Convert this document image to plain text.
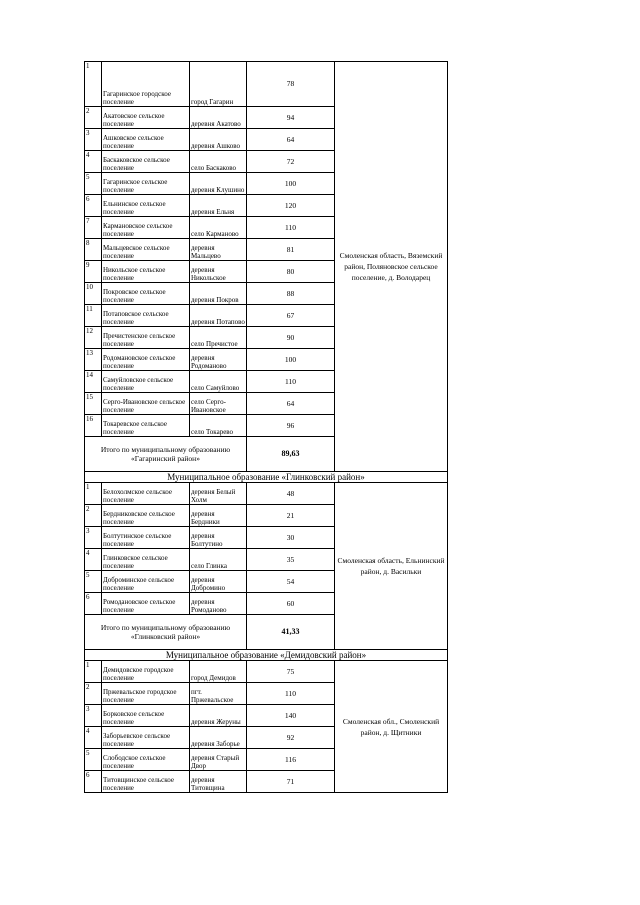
1	Гагаринское городское поселение	город Гагарин	78	Смоленская область, Вяземский район, Поляновское сельское поселение, д. Володарец
2	Акатовское сельское поселение	деревня Акатово	94	
3	Ашковское сельское поселение	деревня Ашково	64	
4	Баскаковское сельское поселение	село Баскаково	72	
5	Гагаринское сельское поселение	деревня Клушино	100	
6	Ельнинское сельское поселение	деревня Ельня	120	
7	Кармановское сельское поселение	село Карманово	110	
8	Мальцевское сельское поселение	деревня Мальцево	81	
9	Никольское сельское поселение	деревня Никольское	80	
10	Покровское сельское поселение	деревня Покров	88	
11	Потаповское сельское поселение	деревня Потапово	67	
12	Пречистенское сельское поселение	село Пречистое	90	
13	Родомановское сельское поселение	деревня Родоманово	100	
14	Самуйловское сельское поселение	село Самуйлово	110	
15	Серго-Ивановское сельское поселение	село Серго-Ивановское	64	
16	Токаревское сельское поселение	село Токарево	96	
Итого по муниципальному образованию «Гагаринский район»			89,63	
Муниципальное образование «Глинковский район»				
1	Белохолмское сельское поселение	деревня Белый Холм	48	Смоленская область, Ельнинский район, д. Васильки
2	Бердниковское сельское поселение	деревня Бердники	21	
3	Болтутинское сельское поселение	деревня Болтутино	30	
4	Глинковское сельское поселение	село Глинка	35	
5	Доброминское сельское поселение	деревня Добромино	54	
6	Ромодановское сельское поселение	деревня Ромоданово	60	
Итого по муниципальному образованию «Глинковский район»			41,33	
Муниципальное образование «Демидовский район»				
1	Демидовское городское поселение	город Демидов	75	Смоленская обл., Смоленский район, д. Щитники
2	Пржевальское городское поселение	пгт. Пржевальское	110	
3	Борковское сельское поселение	деревня Жеруны	140	
4	Заборьевское сельское поселение	деревня Заборье	92	
5	Слободское сельское поселение	деревня Старый Двор	116	
6	Титовщинское сельское поселение	деревня Титовщина	71	
